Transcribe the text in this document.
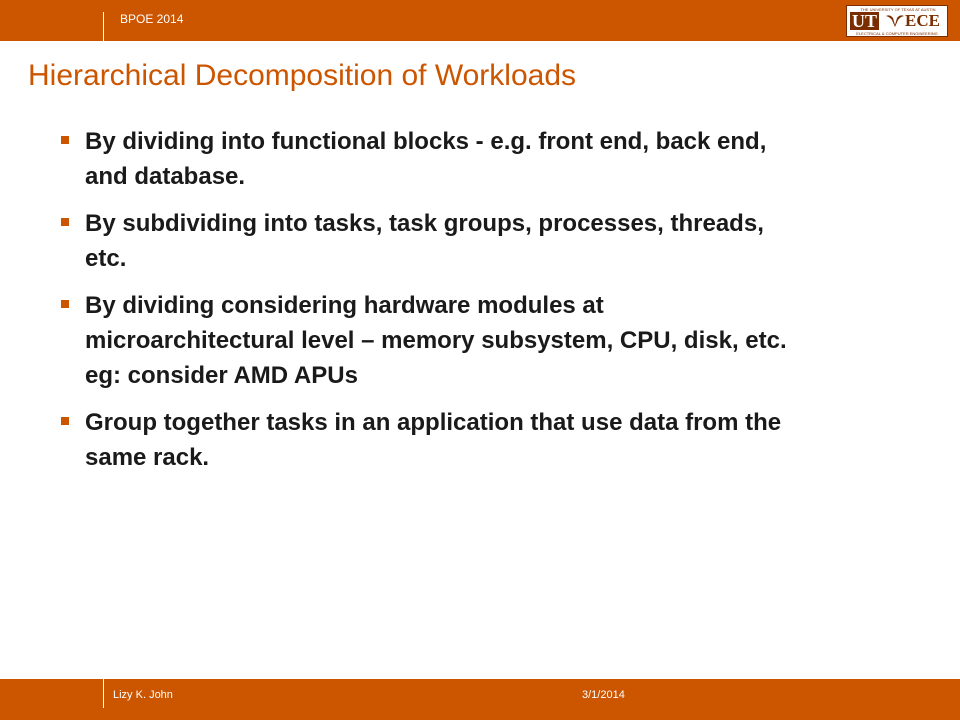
BPOE 2014
THE UNIVERSITY OF TEXAS AT AUSTIN
UT ECE
ELECTRICAL & COMPUTER ENGINEERING
Hierarchical Decomposition of Workloads
By dividing into functional blocks - e.g. front end, back end, and database.
By subdividing into tasks, task groups, processes, threads, etc.
By dividing considering hardware modules at microarchitectural level – memory subsystem, CPU, disk, etc. eg: consider AMD APUs
Group together tasks in an application that use data from the same rack.
Lizy K. John	3/1/2014
